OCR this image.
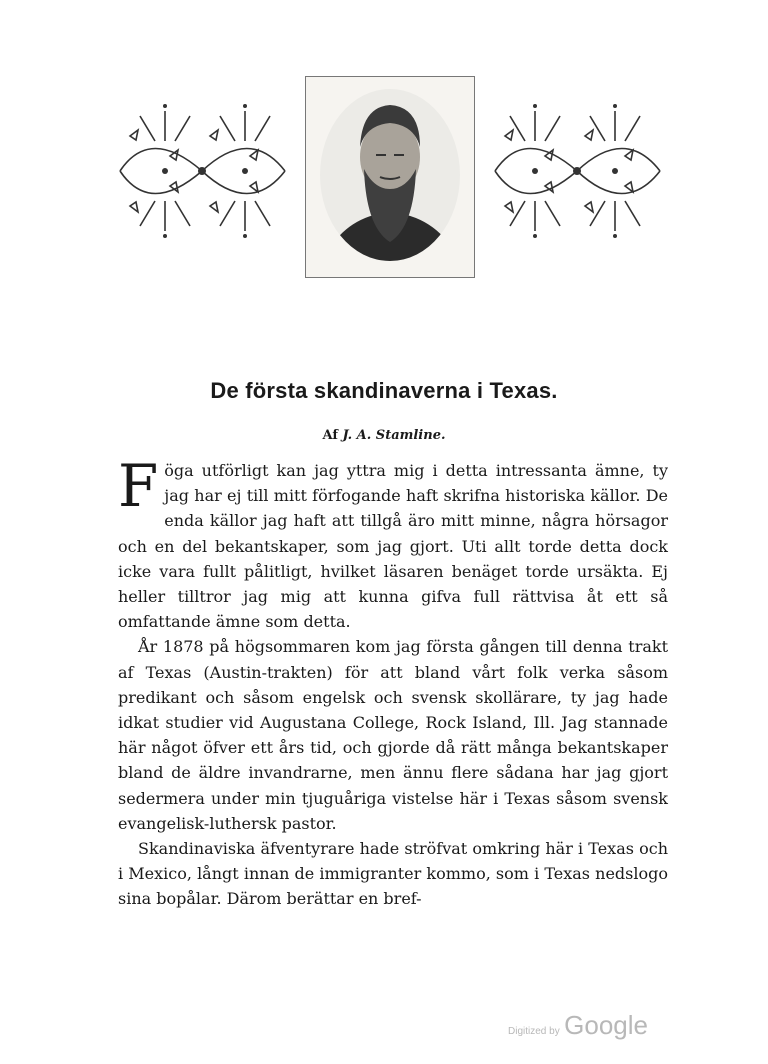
De första skandinaverna i Texas.
Af J. A. Stamline.

Föga utförligt kan jag yttra mig i detta intressanta ämne, ty jag har ej till mitt förfogande haft skrifna historiska källor. De enda källor jag haft att tillgå äro mitt minne, några hörsagor och en del bekantskaper, som jag gjort. Uti allt torde detta dock icke vara fullt pålitligt, hvilket läsaren benäget torde ursäkta. Ej heller tilltror jag mig att kunna gifva full rättvisa åt ett så omfattande ämne som detta.

År 1878 på högsommaren kom jag första gången till denna trakt af Texas (Austin-trakten) för att bland vårt folk verka såsom predikant och såsom engelsk och svensk skollärare, ty jag hade idkat studier vid Augustana College, Rock Island, Ill. Jag stannade här något öfver ett års tid, och gjorde då rätt många bekantskaper bland de äldre invandrarne, men ännu flere sådana har jag gjort sedermera under min tjuguåriga vistelse här i Texas såsom svensk evangelisk-luthersk pastor.

Skandinaviska äfventyrare hade ströfvat omkring här i Texas och i Mexico, långt innan de immigranter kommo, som i Texas nedslogo sina bopålar. Därom berättar en bref-

Digitized by Google
